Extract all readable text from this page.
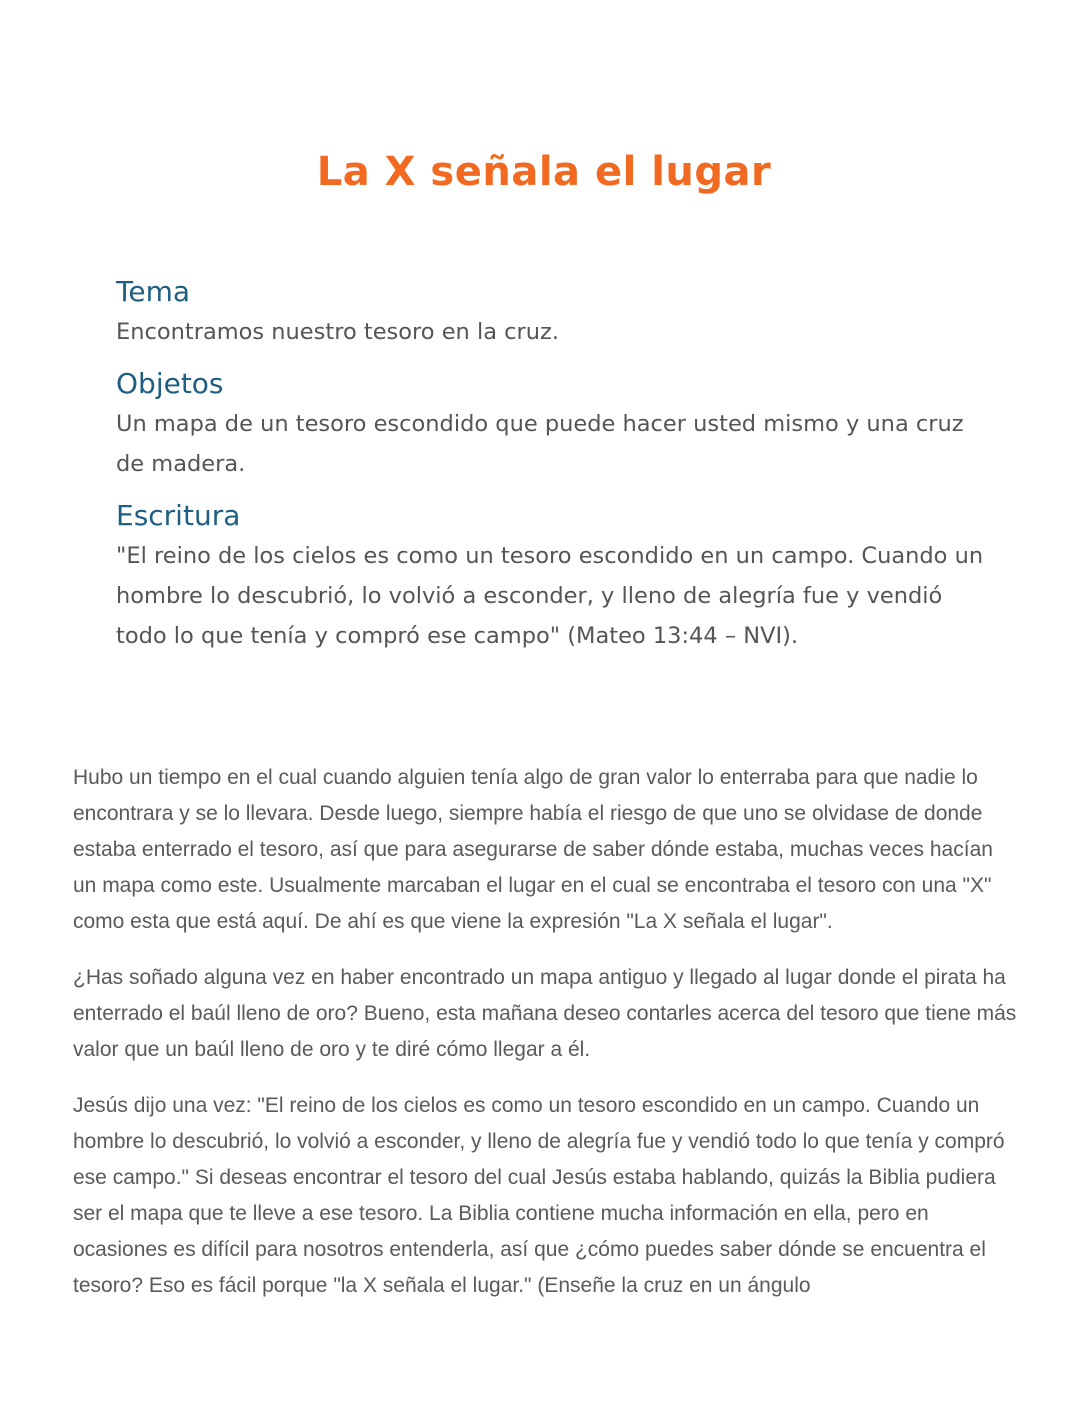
La X señala el lugar
Tema

Encontramos nuestro tesoro en la cruz.

Objetos

Un mapa de un tesoro escondido que puede hacer usted mismo y una cruz de madera.

Escritura

"El reino de los cielos es como un tesoro escondido en un campo. Cuando un hombre lo descubrió, lo volvió a esconder, y lleno de alegría fue y vendió todo lo que tenía y compró ese campo" (Mateo 13:44 – NVI).

Hubo un tiempo en el cual cuando alguien tenía algo de gran valor lo enterraba para que nadie lo encontrara y se lo llevara. Desde luego, siempre había el riesgo de que uno se olvidase de donde estaba enterrado el tesoro, así que para asegurarse de saber dónde estaba, muchas veces hacían un mapa como este. Usualmente marcaban el lugar en el cual se encontraba el tesoro con una "X" como esta que está aquí. De ahí es que viene la expresión "La X señala el lugar".

¿Has soñado alguna vez en haber encontrado un mapa antiguo y llegado al lugar donde el pirata ha enterrado el baúl lleno de oro? Bueno, esta mañana deseo contarles acerca del tesoro que tiene más valor que un baúl lleno de oro y te diré cómo llegar a él.

Jesús dijo una vez: "El reino de los cielos es como un tesoro escondido en un campo. Cuando un hombre lo descubrió, lo volvió a esconder, y lleno de alegría fue y vendió todo lo que tenía y compró ese campo." Si deseas encontrar el tesoro del cual Jesús estaba hablando, quizás la Biblia pudiera ser el mapa que te lleve a ese tesoro. La Biblia contiene mucha información en ella, pero en ocasiones es difícil para nosotros entenderla, así que ¿cómo puedes saber dónde se encuentra el tesoro? Eso es fácil porque "la X señala el lugar." (Enseñe la cruz en un ángulo
